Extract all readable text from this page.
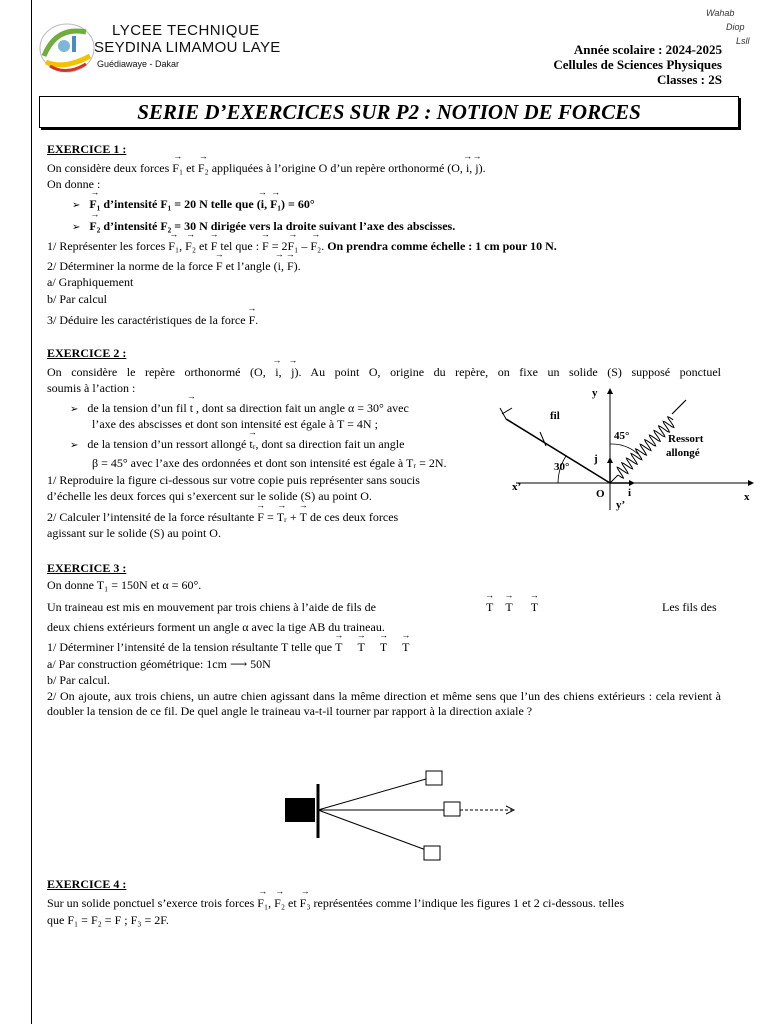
LYCEE TECHNIQUE
SEYDINA LIMAMOU LAYE
Guédiawaye - Dakar
Wahab
Diop
Lsll
Année scolaire : 2024-2025
Cellules de Sciences Physiques
Classes : 2S
SERIE D’EXERCICES SUR P2 : NOTION DE FORCES
EXERCICE 1 :
On considère deux forces → F₁ et → F₂ appliquées à l’origine O d’un repère orthonormé (O, → i, → j).
On donne :
➢ → F₁ d’intensité F₁ = 20 N telle que (→ i, → F₁) = 60°
➢ → F₂ d’intensité F₂ = 30 N dirigée vers la droite suivant l’axe des abscisses.
1/ Représenter les forces → F₁, → F₂ et → F tel que : → F = 2→ F₁ – → F₂. On prendra comme échelle : 1 cm pour 10 N.
2/ Déterminer la norme de la force → F et l’angle (→ i, → F).
a/ Graphiquement
b/ Par calcul
3/ Déduire les caractéristiques de la force → F.
EXERCICE 2 :
On considère le repère orthonormé (O, → i, → j). Au point O, origine du repère, on fixe un solide (S) supposé ponctuel
soumis à l’action :
➢ de la tension d’un fil → t , dont sa direction fait un angle α = 30° avec
l’axe des abscisses et dont son intensité est égale à T = 4N ;
➢ de la tension d’un ressort allongé → tᵣ, dont sa direction fait un angle
β = 45° avec l’axe des ordonnées et dont son intensité est égale à Tᵣ = 2N.
1/ Reproduire la figure ci-dessous sur votre copie puis représenter sans soucis
d’échelle les deux forces qui s’exercent sur le solide (S) au point O.
2/ Calculer l’intensité de la force résultante → F = → Tᵣ + → T de ces deux forces
agissant sur le solide (S) au point O.
y
x
x’
y’
O
fil
30°
45°	Ressort
allongé
j
i
EXERCICE 3 :
On donne T₁ = 150N et α = 60°.
Un traineau est mis en mouvement par trois chiens à l’aide de fils de	→ T → T → T	Les fils des
deux chiens extérieurs forment un angle α avec la tige AB du traineau.
1/ Déterminer l’intensité de la tension résultante T telle que → T → T → T → T
a/ Par construction géométrique: 1cm ⟶ 50N
b/ Par calcul.
2/ On ajoute, aux trois chiens, un autre chien agissant dans la même direction et même sens que l’un des chiens extérieurs : cela revient à doubler la tension de ce fil. De quel angle le traineau va-t-il tourner par rapport à la direction axiale ?
EXERCICE 4 :
Sur un solide ponctuel s’exerce trois forces → F₁, → F₂ et → F₃ représentées comme l’indique les figures 1 et 2 ci-dessous. telles
que F₁ = F₂ = F ; F₃ = 2F.
